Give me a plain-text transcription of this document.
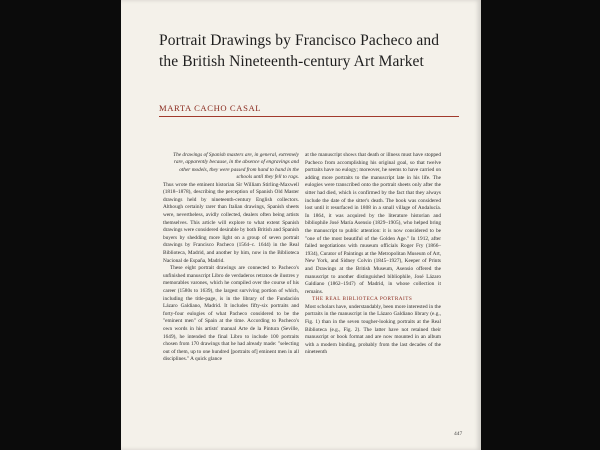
Portrait Drawings by Francisco Pacheco and
the British Nineteenth-century Art Market
MARTA CACHO CASAL

The drawings of Spanish masters are, in general, extremely rare, apparently because, in the absence of engravings and other models, they were passed from hand to hand in the schools until they fell to rags.

Thus wrote the eminent historian Sir William Stirling-Maxwell (1818–1878), describing the perception of Spanish Old Master drawings held by nineteenth-century English collectors. Although certainly rarer than Italian drawings, Spanish sheets were, nevertheless, avidly collected, dealers often being artists themselves. This article will explore to what extent Spanish drawings were considered desirable by both British and Spanish buyers by shedding more light on a group of seven portrait drawings by Francisco Pacheco (1564–c. 1644) in the Real Biblioteca, Madrid, and another by him, now in the Biblioteca Nacional de España, Madrid.

These eight portrait drawings are connected to Pacheco's unfinished manuscript Libro de verdaderos retratos de ilustres y memorables varones, which he compiled over the course of his career (1580s to 1639), the largest surviving portion of which, including the title-page, is in the library of the Fundación Lázaro Galdiano, Madrid. It includes fifty-six portraits and forty-four eulogies of what Pacheco considered to be the "eminent men" of Spain at the time. According to Pacheco's own words in his artists' manual Arte de la Pintura (Seville, 1649), he intended the final Libro to include 100 portraits chosen from 170 drawings that he had already made: "selecting out of them, up to one hundred [portraits of] eminent men in all disciplines." A quick glance

at the manuscript shows that death or illness must have stopped Pacheco from accomplishing his original goal, so that twelve portraits have no eulogy; moreover, he seems to have carried on adding more portraits to the manuscript late in his life. The eulogies were transcribed onto the portrait sheets only after the sitter had died, which is confirmed by the fact that they always include the date of the sitter's death. The book was considered lost until it resurfaced in 1808 in a small village of Andalucía. In 1864, it was acquired by the literature historian and bibliophile José María Asensio (1829–1905), who helped bring the manuscript to public attention: it is now considered to be "one of the most beautiful of the Golden Age." In 1912, after failed negotiations with museum officials Roger Fry (1866–1934), Curator of Paintings at the Metropolitan Museum of Art, New York, and Sidney Colvin (1845–1927), Keeper of Prints and Drawings at the British Museum, Asensio offered the manuscript to another distinguished bibliophile, José Lázaro Galdiano (1862–1947) of Madrid, in whose collection it remains.

THE REAL BIBLIOTECA PORTRAITS

Most scholars have, understandably, been more interested in the portraits in the manuscript in the Lázaro Galdiano library (e.g., Fig. 1) than in the seven tougher-looking portraits at the Real Biblioteca (e.g., Fig. 2). The latter have not retained their manuscript or book format and are now mounted in an album with a modern binding, probably from the last decades of the nineteenth

447
